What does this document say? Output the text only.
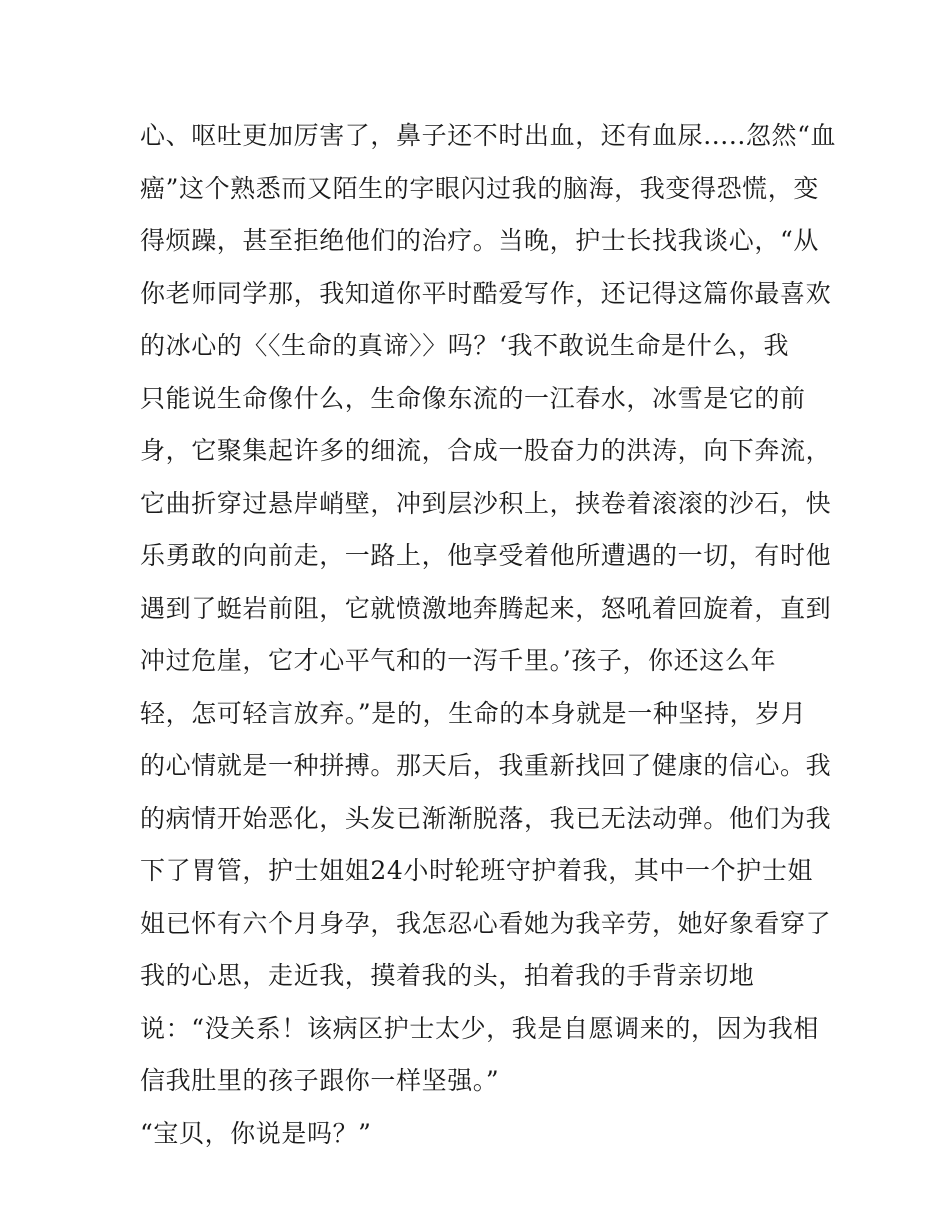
心、呕吐更加厉害了，鼻子还不时出血，还有血尿.....忽然“血
癌”这个熟悉而又陌生的字眼闪过我的脑海，我变得恐慌，变
得烦躁，甚至拒绝他们的治疗。当晚，护士长找我谈心，“从
你老师同学那，我知道你平时酷爱写作，还记得这篇你最喜欢
的冰心的〈〈生命的真谛〉〉吗？‘我不敢说生命是什么，我
只能说生命像什么，生命像东流的一江春水，冰雪是它的前
身，它聚集起许多的细流，合成一股奋力的洪涛，向下奔流，
它曲折穿过悬岸峭壁，冲到层沙积上，挟卷着滚滚的沙石，快
乐勇敢的向前走，一路上，他享受着他所遭遇的一切，有时他
遇到了蜓岩前阻，它就愤激地奔腾起来，怒吼着回旋着，直到
冲过危崖，它才心平气和的一泻千里。’孩子，你还这么年
轻，怎可轻言放弃。”是的，生命的本身就是一种坚持，岁月
的心情就是一种拼搏。那天后，我重新找回了健康的信心。我
的病情开始恶化，头发已渐渐脱落，我已无法动弹。他们为我
下了胃管，护士姐姐24小时轮班守护着我，其中一个护士姐
姐已怀有六个月身孕，我怎忍心看她为我辛劳，她好象看穿了
我的心思，走近我，摸着我的头，拍着我的手背亲切地
说：“没关系！该病区护士太少，我是自愿调来的，因为我相
信我肚里的孩子跟你一样坚强。”
“宝贝，你说是吗？”
